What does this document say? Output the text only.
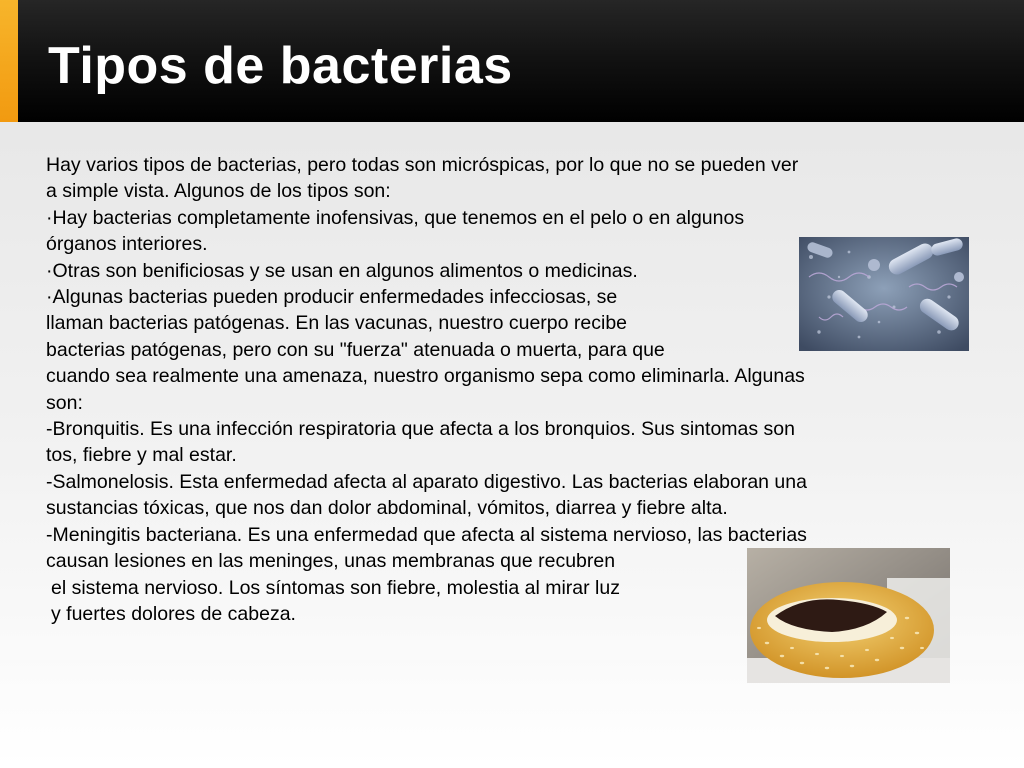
Tipos de bacterias
Hay varios tipos de bacterias, pero todas son micróspicas, por lo que no se pueden ver
a simple vista. Algunos de los tipos son:
·Hay bacterias completamente inofensivas, que tenemos en el pelo o en algunos
órganos interiores.
·Otras son benificiosas y se usan en algunos alimentos o medicinas.
·Algunas bacterias pueden producir enfermedades infecciosas, se
llaman bacterias patógenas. En las vacunas, nuestro cuerpo recibe
bacterias patógenas, pero con su "fuerza" atenuada o muerta, para que
cuando sea realmente una amenaza, nuestro organismo sepa como eliminarla. Algunas
son:
-Bronquitis. Es una infección respiratoria que afecta a los bronquios. Sus sintomas son
tos, fiebre y mal estar.
-Salmonelosis. Esta enfermedad afecta al aparato digestivo. Las bacterias elaboran una
sustancias tóxicas, que nos dan dolor abdominal, vómitos, diarrea y fiebre alta.
-Meningitis bacteriana. Es una enfermedad que afecta al sistema nervioso, las bacterias
causan lesiones en las meninges, unas membranas que recubren
el sistema nervioso. Los síntomas son fiebre, molestia al mirar luz
y fuertes dolores de cabeza.
